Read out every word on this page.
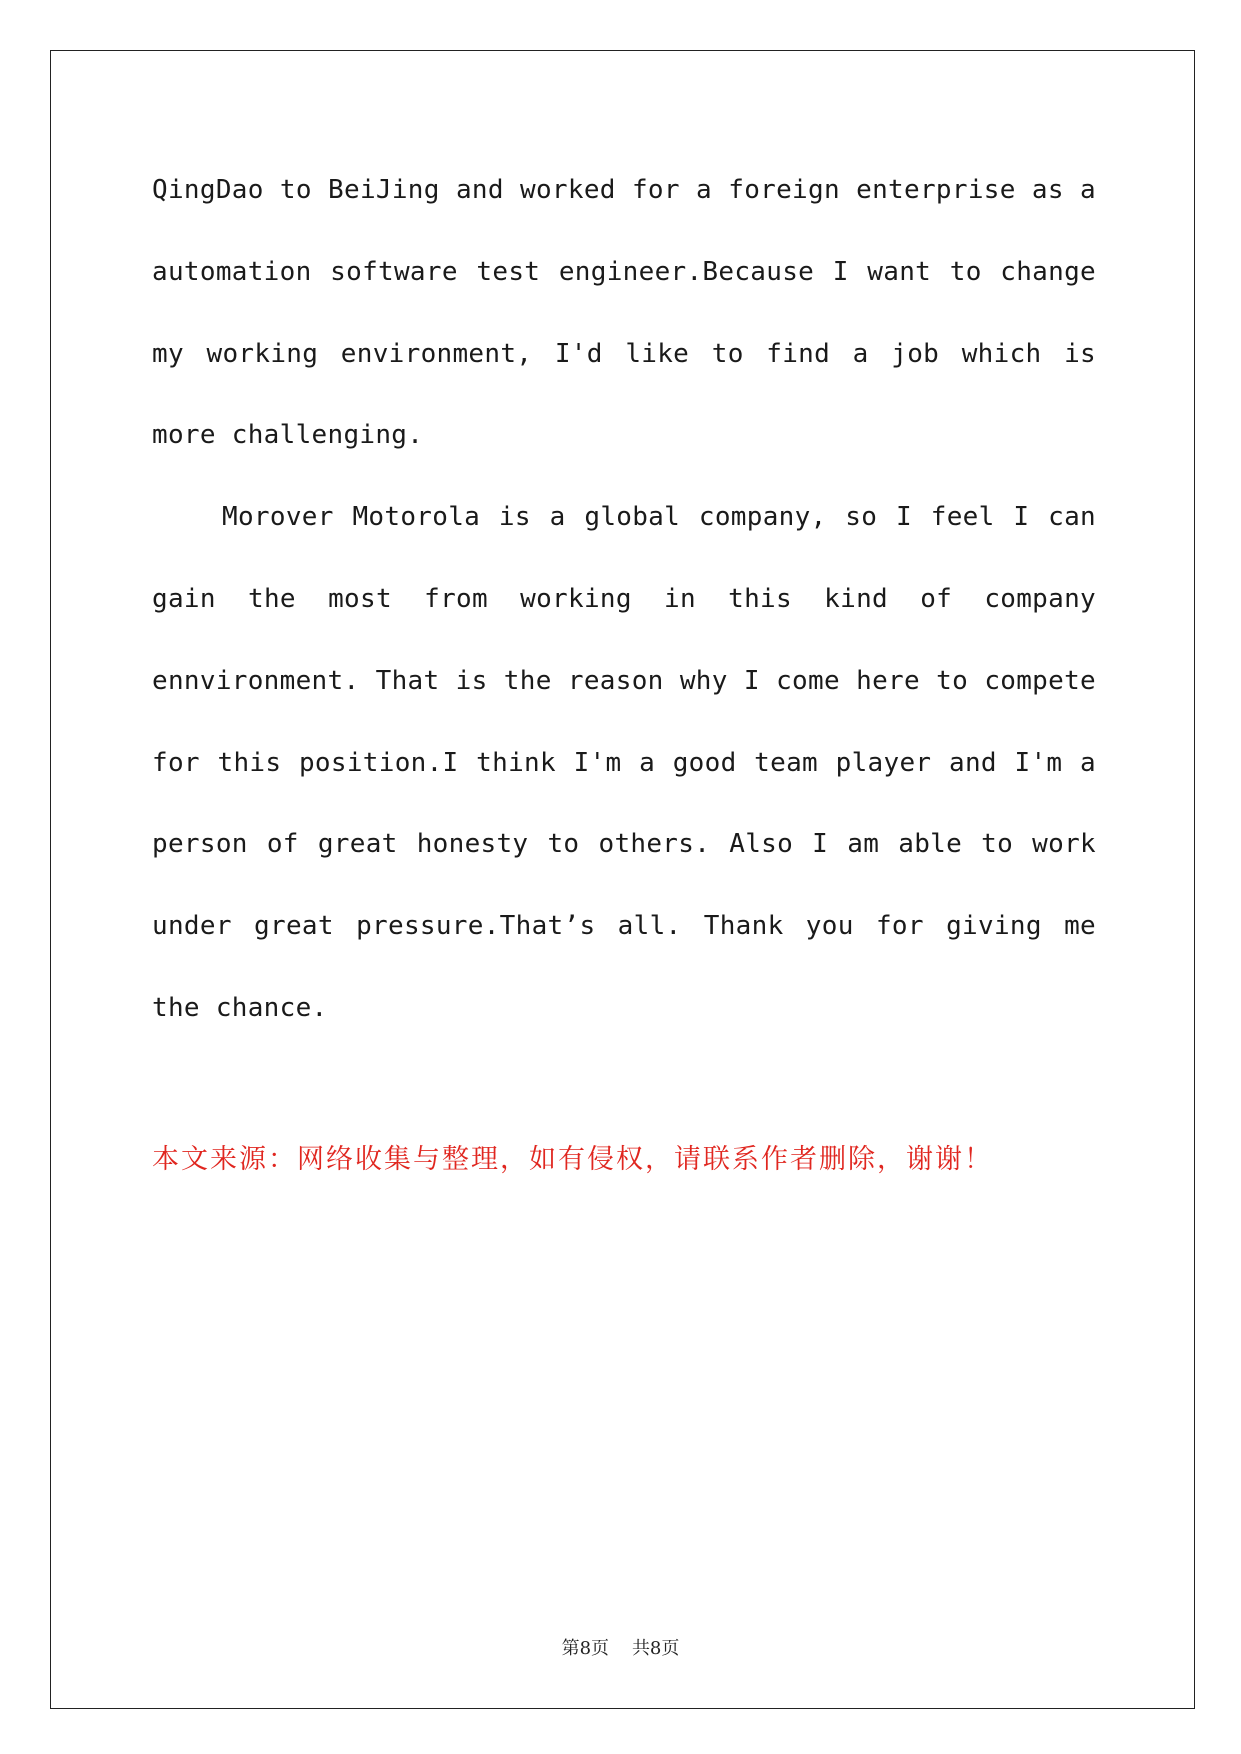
QingDao to BeiJing and worked for a foreign enterprise as a automation software test engineer.Because I want to change my working environment, I'd like to find a job which is more challenging.

Morover Motorola is a global company, so I feel I can gain the most from working in this kind of company ennvironment. That is the reason why I come here to compete for this position.I think I'm a good team player and I'm a person of great honesty to others. Also I am able to work under great pressure.That’s all. Thank you for giving me the chance.

本文来源：网络收集与整理，如有侵权，请联系作者删除，谢谢！

第8页 共8页
